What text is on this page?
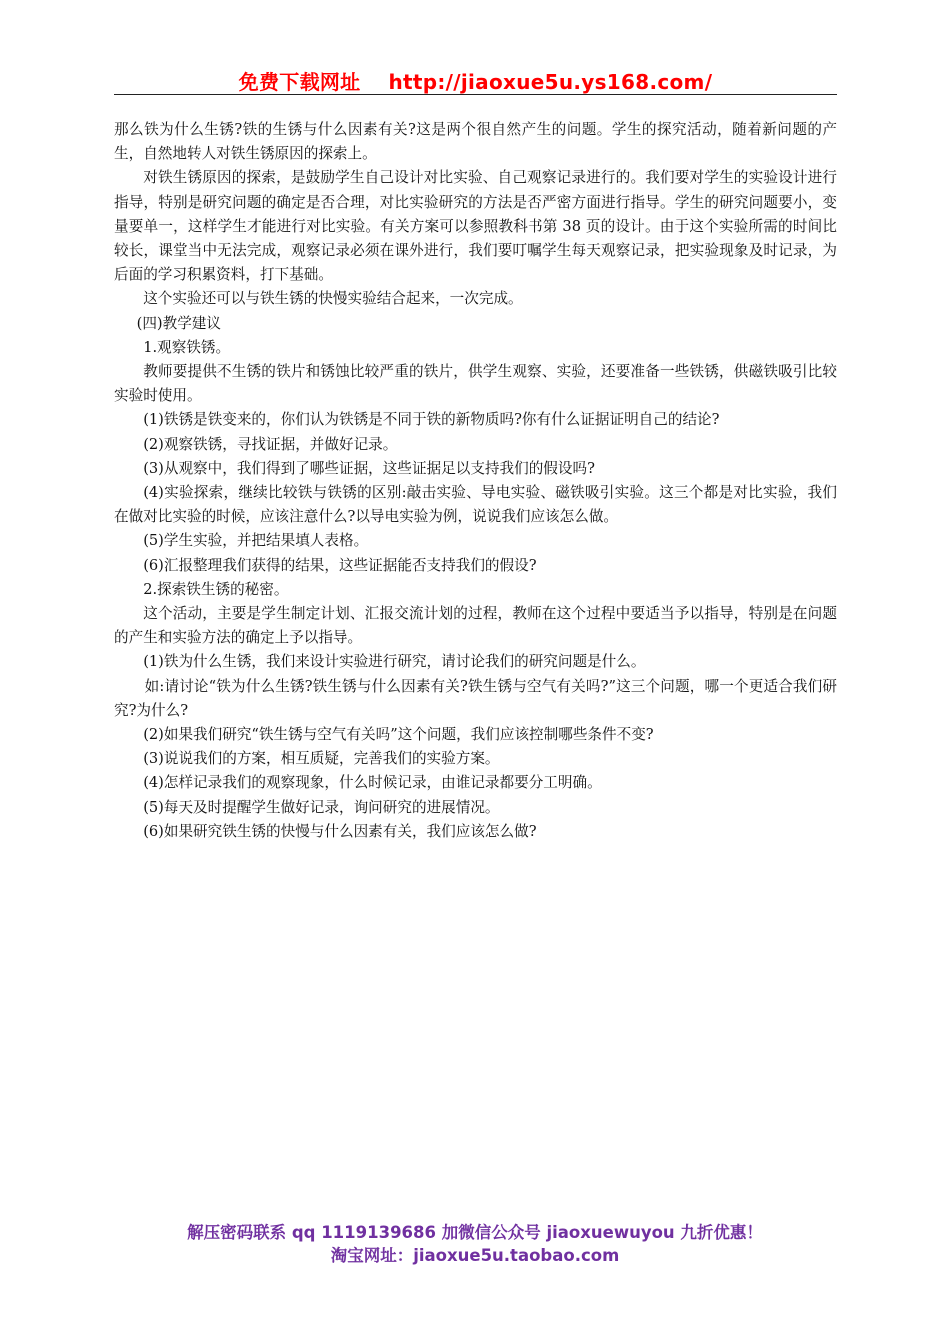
免费下载网址 http://jiaoxue5u.ys168.com/

那么铁为什么生锈?铁的生锈与什么因素有关?这是两个很自然产生的问题。学生的探究活动，随着新问题的产生，自然地转人对铁生锈原因的探索上。

对铁生锈原因的探索，是鼓励学生自己设计对比实验、自己观察记录进行的。我们要对学生的实验设计进行指导，特别是研究问题的确定是否合理，对比实验研究的方法是否严密方面进行指导。学生的研究问题要小，变量要单一，这样学生才能进行对比实验。有关方案可以参照教科书第 38 页的设计。由于这个实验所需的时间比较长，课堂当中无法完成，观察记录必须在课外进行，我们要叮嘱学生每天观察记录，把实验现象及时记录，为后面的学习积累资料，打下基础。

这个实验还可以与铁生锈的快慢实验结合起来，一次完成。

(四)教学建议

1.观察铁锈。

教师要提供不生锈的铁片和锈蚀比较严重的铁片，供学生观察、实验，还要准备一些铁锈，供磁铁吸引比较实验时使用。

(1)铁锈是铁变来的，你们认为铁锈是不同于铁的新物质吗?你有什么证据证明自己的结论?

(2)观察铁锈，寻找证据，并做好记录。

(3)从观察中，我们得到了哪些证据，这些证据足以支持我们的假设吗?

(4)实验探索，继续比较铁与铁锈的区别:敲击实验、导电实验、磁铁吸引实验。这三个都是对比实验，我们在做对比实验的时候，应该注意什么?以导电实验为例，说说我们应该怎么做。

(5)学生实验，并把结果填人表格。

(6)汇报整理我们获得的结果，这些证据能否支持我们的假设?

2.探索铁生锈的秘密。

这个活动，主要是学生制定计划、汇报交流计划的过程，教师在这个过程中要适当予以指导，特别是在问题的产生和实验方法的确定上予以指导。

(1)铁为什么生锈，我们来设计实验进行研究，请讨论我们的研究问题是什么。

如:请讨论“铁为什么生锈?铁生锈与什么因素有关?铁生锈与空气有关吗?”这三个问题，哪一个更适合我们研究?为什么?

(2)如果我们研究“铁生锈与空气有关吗”这个问题，我们应该控制哪些条件不变?

(3)说说我们的方案，相互质疑，完善我们的实验方案。

(4)怎样记录我们的观察现象，什么时候记录，由谁记录都要分工明确。

(5)每天及时提醒学生做好记录，询问研究的进展情况。

(6)如果研究铁生锈的快慢与什么因素有关，我们应该怎么做?

解压密码联系 qq 1119139686 加微信公众号 jiaoxuewuyou 九折优惠！
淘宝网址：jiaoxue5u.taobao.com
